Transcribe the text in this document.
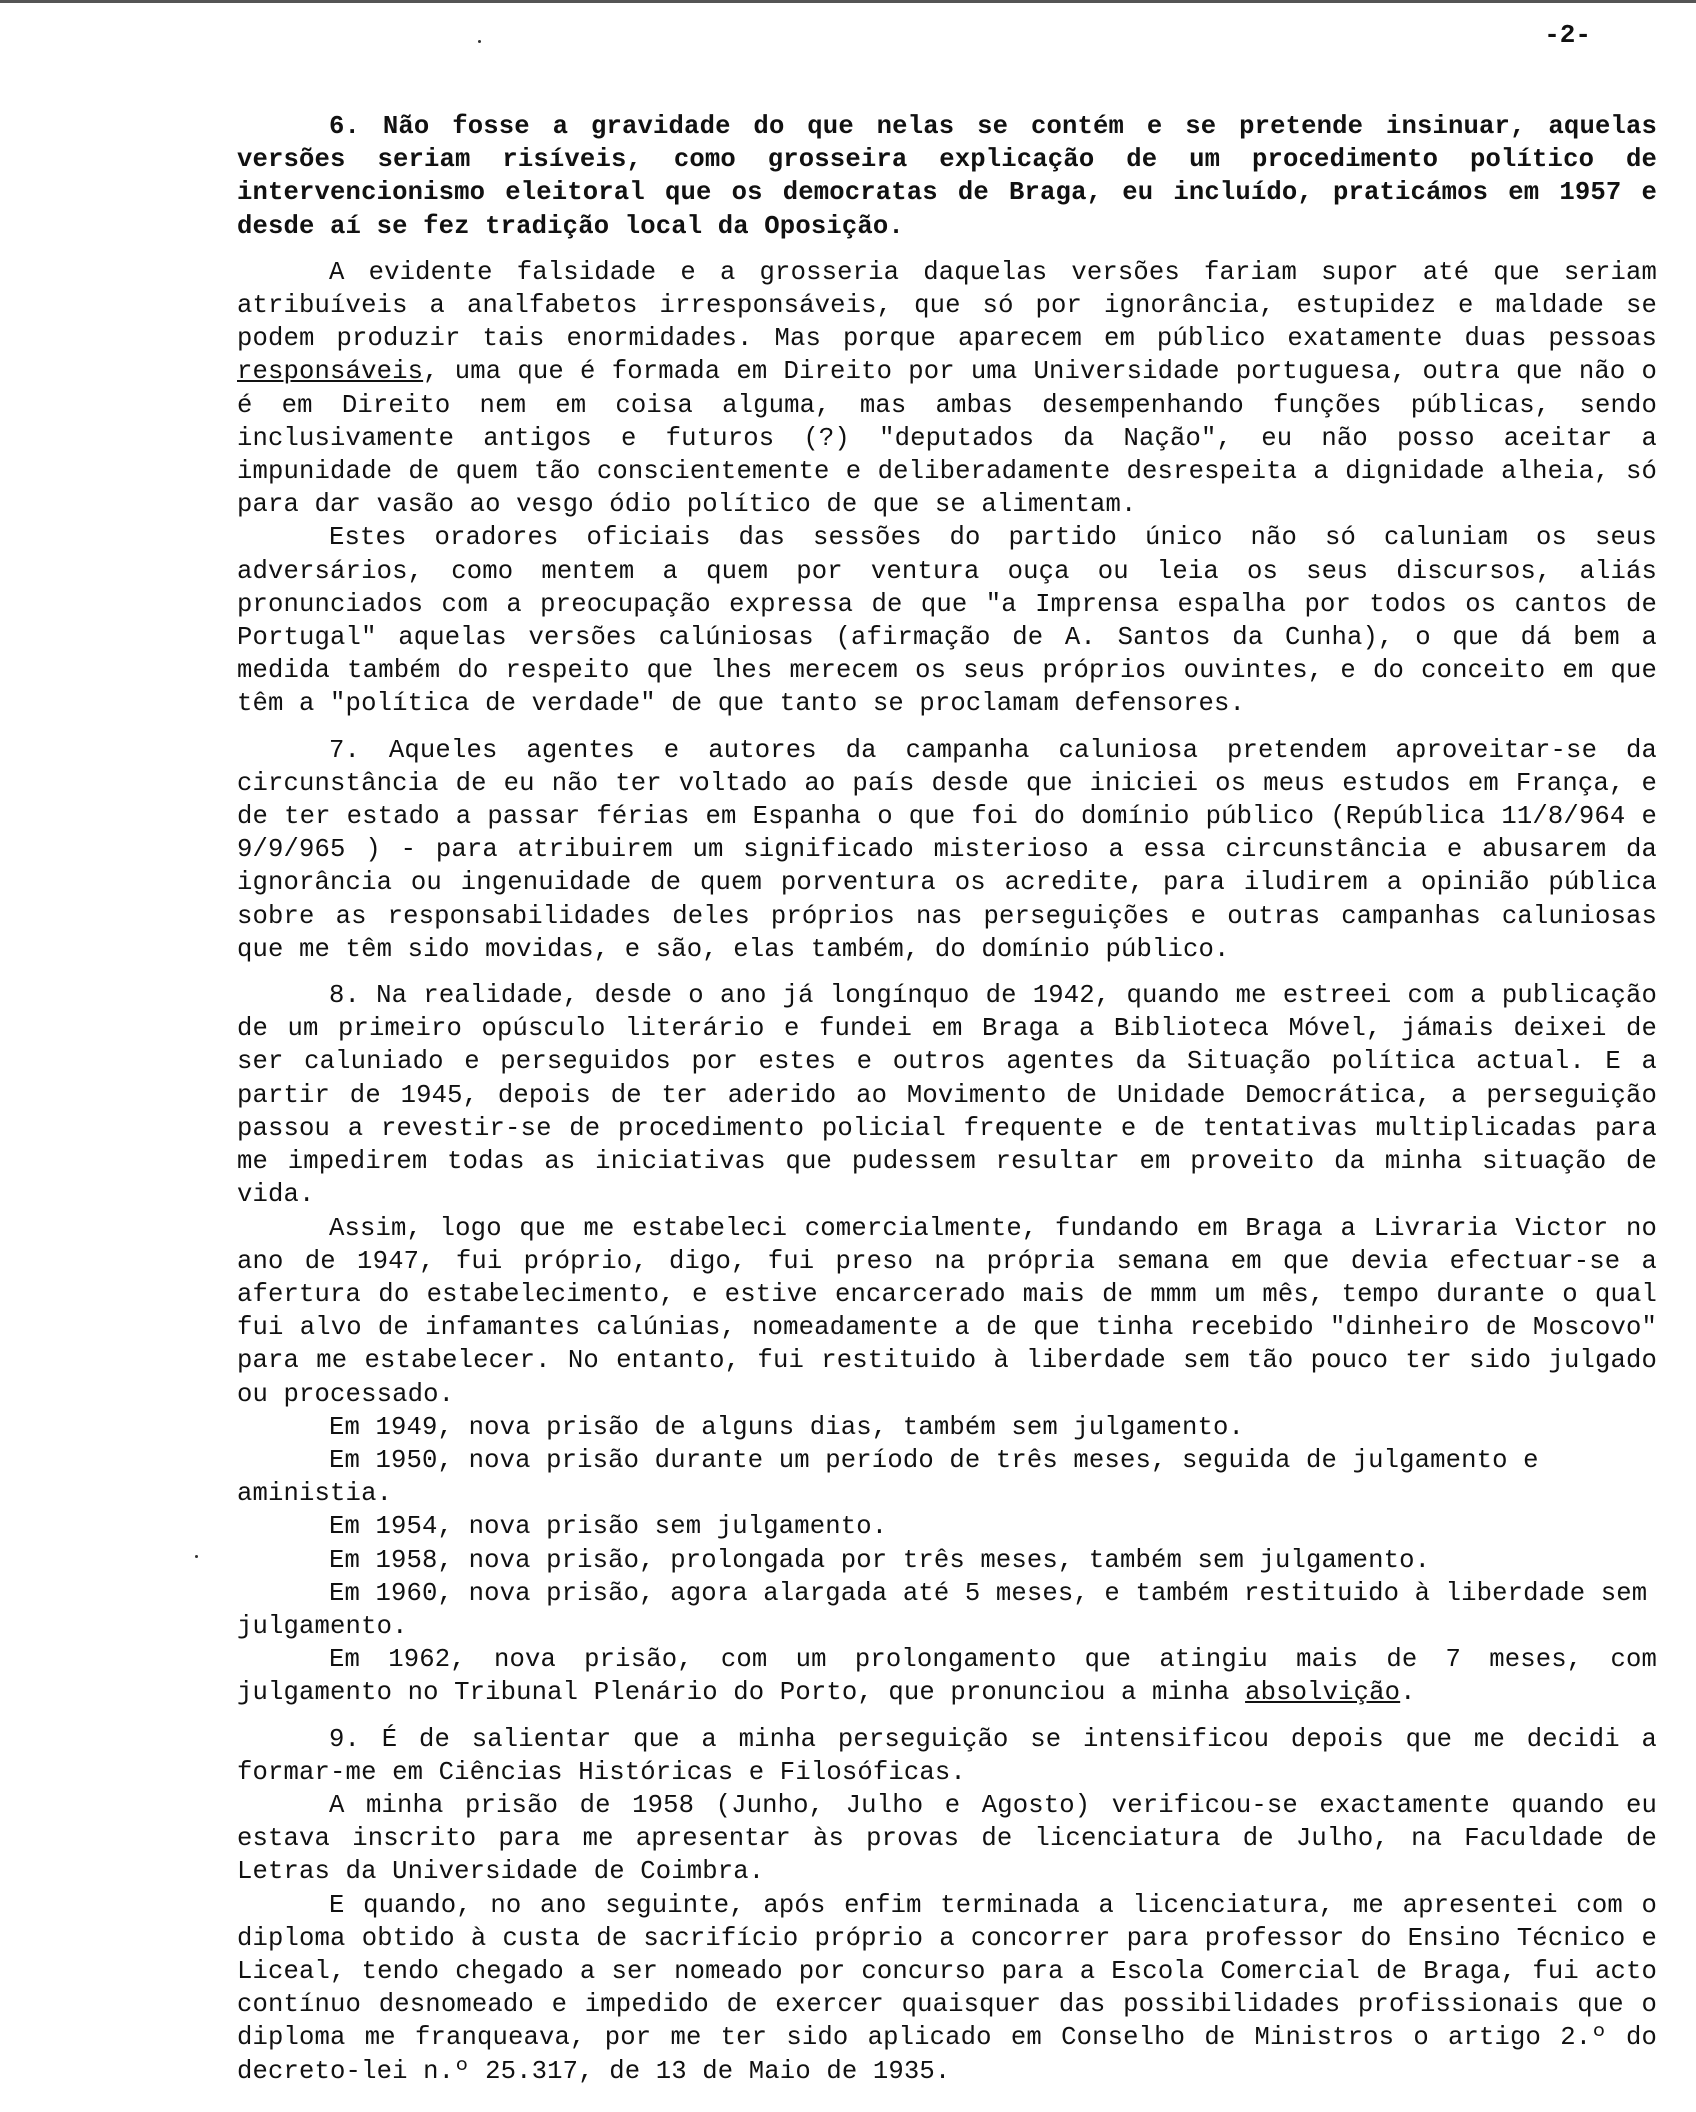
-2-

6. Não fosse a gravidade do que nelas se contém e se pretende insinuar, aquelas versões seriam risíveis, como grosseira explicação de um procedimento político de intervencionismo eleitoral que os democratas de Braga, eu incluído, praticámos em 1957 e desde aí se fez tradição local da Oposição.

A evidente falsidade e a grosseria daquelas versões fariam supor até que seriam atribuíveis a analfabetos irresponsáveis, que só por ignorância, estupidez e maldade se podem produzir tais enormidades. Mas porque aparecem em público exatamente duas pessoas responsáveis, uma que é formada em Direito por uma Universidade portuguesa, outra que não o é em Direito nem em coisa alguma, mas ambas desempenhando funções públicas, sendo inclusivamente antigos e futuros (?) "deputados da Nação", eu não posso aceitar a impunidade de quem tão conscientemente e deliberadamente desrespeita a dignidade alheia, só para dar vasão ao vesgo ódio político de que se alimentam.

Estes oradores oficiais das sessões do partido único não só caluniam os seus adversários, como mentem a quem por ventura ouça ou leia os seus discursos, aliás pronunciados com a preocupação expressa de que "a Imprensa espalha por todos os cantos de Portugal" aquelas versões calúniosas (afirmação de A. Santos da Cunha), o que dá bem a medida também do respeito que lhes merecem os seus próprios ouvintes, e do conceito em que têm a "política de verdade" de que tanto se proclamam defensores.

7. Aqueles agentes e autores da campanha caluniosa pretendem aproveitar-se da circunstância de eu não ter voltado ao país desde que iniciei os meus estudos em França, e de ter estado a passar férias em Espanha o que foi do domínio público (República 11/8/964 e 9/9/965 ) - para atribuirem um significado misterioso a essa circunstância e abusarem da ignorância ou ingenuidade de quem porventura os acredite, para iludirem a opinião pública sobre as responsabilidades deles próprios nas perseguições e outras campanhas caluniosas que me têm sido movidas, e são, elas também, do domínio público.

8. Na realidade, desde o ano já longínquo de 1942, quando me estreei com a publicação de um primeiro opúsculo literário e fundei em Braga a Biblioteca Móvel, jámais deixei de ser caluniado e perseguidos por estes e outros agentes da Situação política actual. E a partir de 1945, depois de ter aderido ao Movimento de Unidade Democrática, a perseguição passou a revestir-se de procedimento policial frequente e de tentativas multiplicadas para me impedirem todas as iniciativas que pudessem resultar em proveito da minha situação de vida.

Assim, logo que me estabeleci comercialmente, fundando em Braga a Livraria Victor no ano de 1947, fui próprio, digo, fui preso na própria semana em que devia efectuar-se a afertura do estabelecimento, e estive encarcerado mais de mmm um mês, tempo durante o qual fui alvo de infamantes calúnias, nomeadamente a de que tinha recebido "dinheiro de Moscovo" para me estabelecer. No entanto, fui restituido à liberdade sem tão pouco ter sido julgado ou processado.

Em 1949, nova prisão de alguns dias, também sem julgamento.

Em 1950, nova prisão durante um período de três meses, seguida de julgamento e aministia.

Em 1954, nova prisão sem julgamento.

Em 1958, nova prisão, prolongada por três meses, também sem julgamento.

Em 1960, nova prisão, agora alargada até 5 meses, e também restituido à liberdade sem julgamento.

Em 1962, nova prisão, com um prolongamento que atingiu mais de 7 meses, com julgamento no Tribunal Plenário do Porto, que pronunciou a minha absolvição.

9. É de salientar que a minha perseguição se intensificou depois que me decidi a formar-me em Ciências Históricas e Filosóficas.

A minha prisão de 1958 (Junho, Julho e Agosto) verificou-se exactamente quando eu estava inscrito para me apresentar às provas de licenciatura de Julho, na Faculdade de Letras da Universidade de Coimbra.

E quando, no ano seguinte, após enfim terminada a licenciatura, me apresentei com o diploma obtido à custa de sacrifício próprio a concorrer para professor do Ensino Técnico e Liceal, tendo chegado a ser nomeado por concurso para a Escola Comercial de Braga, fui acto contínuo desnomeado e impedido de exercer quaisquer das possibilidades profissionais que o diploma me franqueava, por me ter sido aplicado em Conselho de Ministros o artigo 2.º do decreto-lei n.º 25.317, de 13 de Maio de 1935.
